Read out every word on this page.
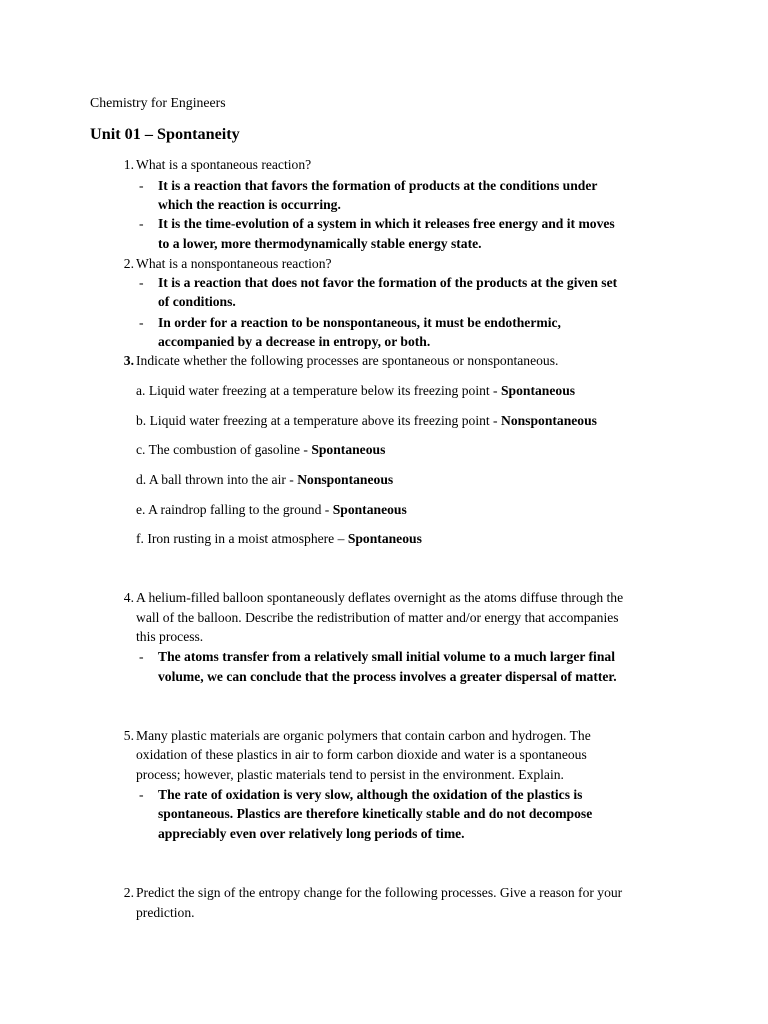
Chemistry for Engineers
Unit 01 – Spontaneity
1. What is a spontaneous reaction?
- It is a reaction that favors the formation of products at the conditions under
which the reaction is occurring.
- It is the time-evolution of a system in which it releases free energy and it moves
to a lower, more thermodynamically stable energy state.
2. What is a nonspontaneous reaction?
- It is a reaction that does not favor the formation of the products at the given set
of conditions.
- In order for a reaction to be nonspontaneous, it must be endothermic,
accompanied by a decrease in entropy, or both.
3. Indicate whether the following processes are spontaneous or nonspontaneous.
a. Liquid water freezing at a temperature below its freezing point - Spontaneous
b. Liquid water freezing at a temperature above its freezing point - Nonspontaneous
c. The combustion of gasoline - Spontaneous
d. A ball thrown into the air - Nonspontaneous
e. A raindrop falling to the ground - Spontaneous
f. Iron rusting in a moist atmosphere – Spontaneous
4. A helium-filled balloon spontaneously deflates overnight as the atoms diffuse through the
wall of the balloon. Describe the redistribution of matter and/or energy that accompanies
this process.
- The atoms transfer from a relatively small initial volume to a much larger final
volume, we can conclude that the process involves a greater dispersal of matter.
5. Many plastic materials are organic polymers that contain carbon and hydrogen. The
oxidation of these plastics in air to form carbon dioxide and water is a spontaneous
process; however, plastic materials tend to persist in the environment. Explain.
- The rate of oxidation is very slow, although the oxidation of the plastics is
spontaneous. Plastics are therefore kinetically stable and do not decompose
appreciably even over relatively long periods of time.
2. Predict the sign of the entropy change for the following processes. Give a reason for your
prediction.
